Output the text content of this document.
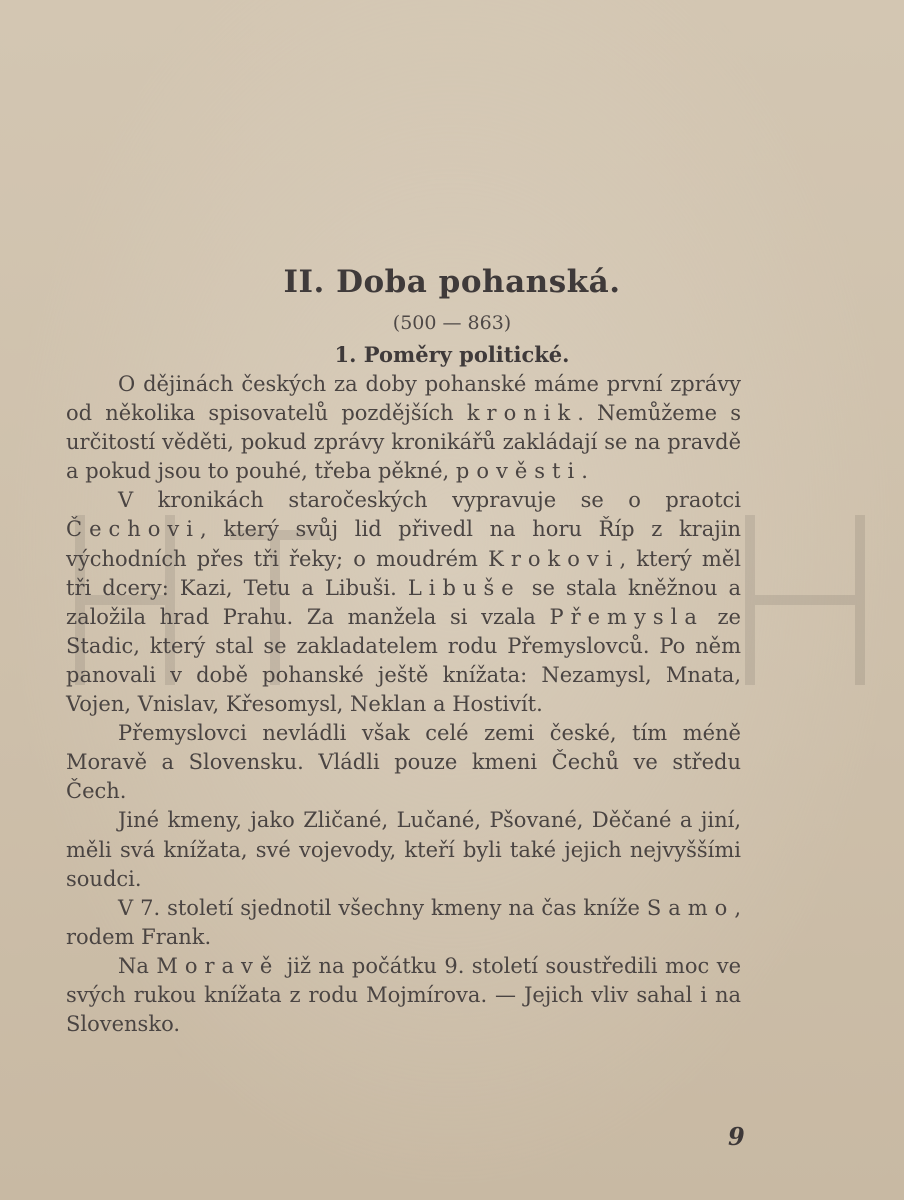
II. Doba pohanská.
(500 — 863)
1. Poměry politické.

O dějinách českých za doby pohanské máme první zprávy od několika spisovatelů pozdějších kronik. Nemůžeme s určitostí věděti, pokud zprávy kronikářů zakládají se na pravdě a pokud jsou to pouhé, třeba pěkné, pověsti.

V kronikách staročeských vypravuje se o praotci Čechovi, který svůj lid přivedl na horu Říp z krajin východních přes tři řeky; o moudrém Krokovi, který měl tři dcery: Kazi, Tetu a Libuši. Libuše se stala kněžnou a založila hrad Prahu. Za manžela si vzala Přemysla ze Stadic, který stal se zakladatelem rodu Přemyslovců. Po něm panovali v době pohanské ještě knížata: Nezamysl, Mnata, Vojen, Vnislav, Křesomysl, Neklan a Hostivít.

Přemyslovci nevládli však celé zemi české, tím méně Moravě a Slovensku. Vládli pouze kmeni Čechů ve středu Čech.

Jiné kmeny, jako Zličané, Lučané, Pšované, Děčané a jiní, měli svá knížata, své vojevody, kteří byli také jejich nejvyššími soudci.

V 7. století sjednotil všechny kmeny na čas kníže Samo, rodem Frank.

Na Moravě již na počátku 9. století soustředili moc ve svých rukou knížata z rodu Mojmírova. — Jejich vliv sahal i na Slovensko.

9
